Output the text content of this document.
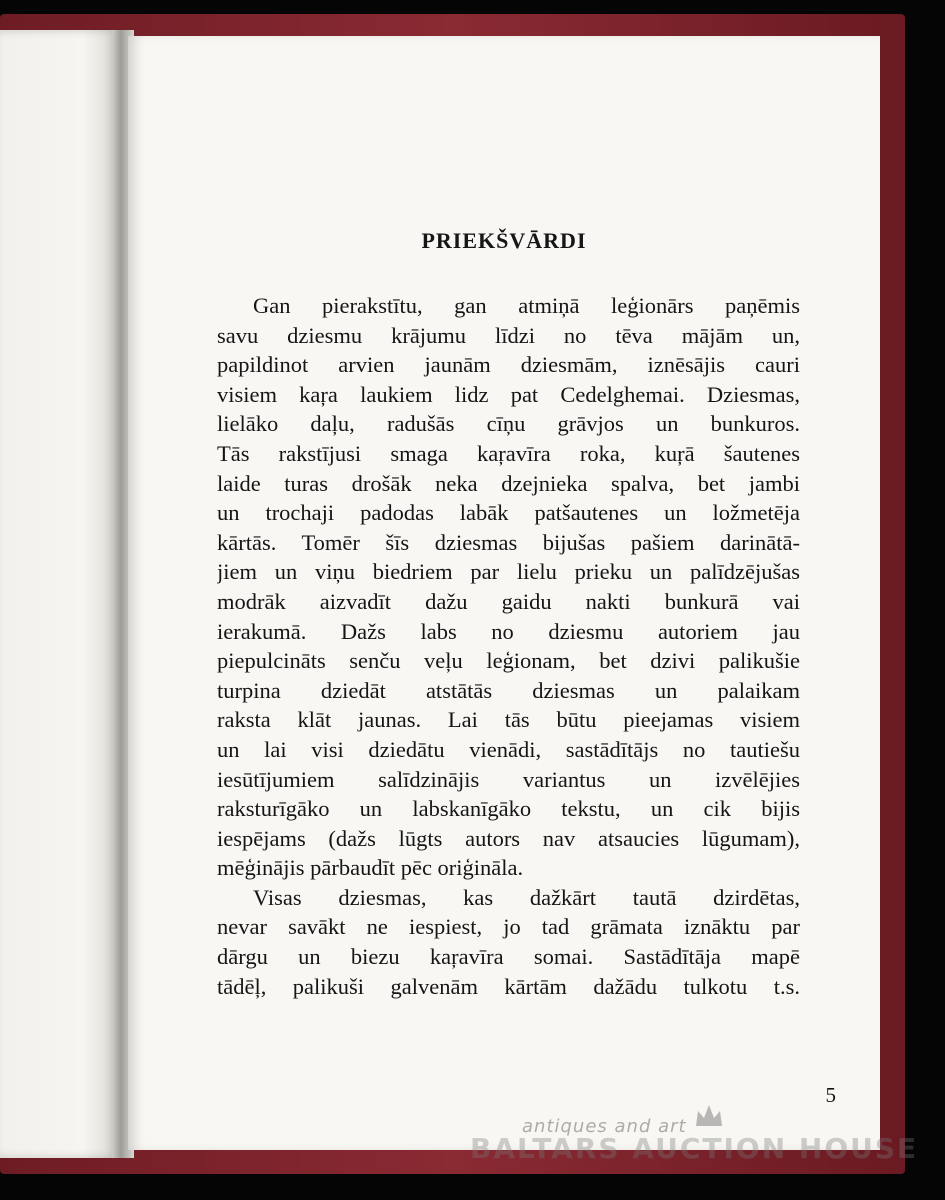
PRIEKŠVĀRDI
Gan pierakstītu, gan atmiņā leģionārs paņēmis
savu dziesmu krājumu līdzi no tēva mājām un,
papildinot arvien jaunām dziesmām, iznēsājis cauri
visiem kaŗa laukiem lidz pat Cedelghemai. Dziesmas,
lielāko daļu, radušās cīņu grāvjos un bunkuros.
Tās rakstījusi smaga kaŗavīra roka, kuŗā šautenes
laide turas drošāk neka dzejnieka spalva, bet jambi
un trochaji padodas labāk patšautenes un ložmetēja
kārtās. Tomēr šīs dziesmas bijušas pašiem darinātā-
jiem un viņu biedriem par lielu prieku un palīdzējušas
modrāk aizvadīt dažu gaidu nakti bunkurā vai
ierakumā. Dažs labs no dziesmu autoriem jau
piepulcināts senču veļu leģionam, bet dzivi palikušie
turpina dziedāt atstātās dziesmas un palaikam
raksta klāt jaunas. Lai tās būtu pieejamas visiem
un lai visi dziedātu vienādi, sastādītājs no tautiešu
iesūtījumiem salīdzinājis variantus un izvēlējies
raksturīgāko un labskanīgāko tekstu, un cik bijis
iespējams (dažs lūgts autors nav atsaucies lūgumam),
mēģinājis pārbaudīt pēc oriģināla.
Visas dziesmas, kas dažkārt tautā dzirdētas,
nevar savākt ne iespiest, jo tad grāmata iznāktu par
dārgu un biezu kaŗavīra somai. Sastādītāja mapē
tādēļ, palikuši galvenām kārtām dažādu tulkotu t.s.
5
antiques and art
BALTARS AUCTION HOUSE
